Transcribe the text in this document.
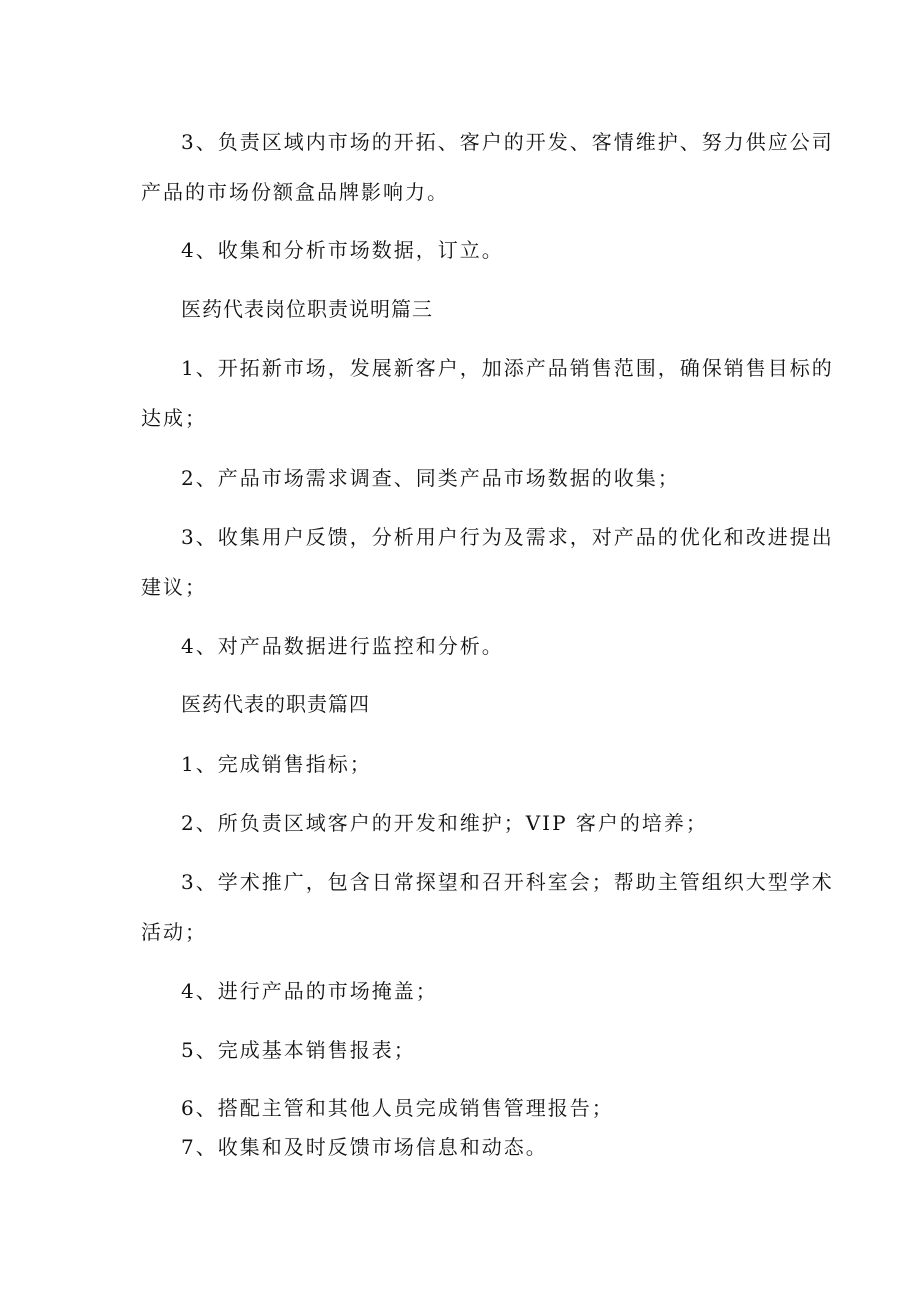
3、负责区域内市场的开拓、客户的开发、客情维护、努力供应公司

产品的市场份额盒品牌影响力。

4、收集和分析市场数据，订立。

医药代表岗位职责说明篇三

1、开拓新市场，发展新客户，加添产品销售范围，确保销售目标的

达成；

2、产品市场需求调查、同类产品市场数据的收集；

3、收集用户反馈，分析用户行为及需求，对产品的优化和改进提出

建议；

4、对产品数据进行监控和分析。

医药代表的职责篇四

1、完成销售指标；

2、所负责区域客户的开发和维护；VIP 客户的培养；

3、学术推广，包含日常探望和召开科室会；帮助主管组织大型学术

活动；

4、进行产品的市场掩盖；

5、完成基本销售报表；

6、搭配主管和其他人员完成销售管理报告；

7、收集和及时反馈市场信息和动态。
